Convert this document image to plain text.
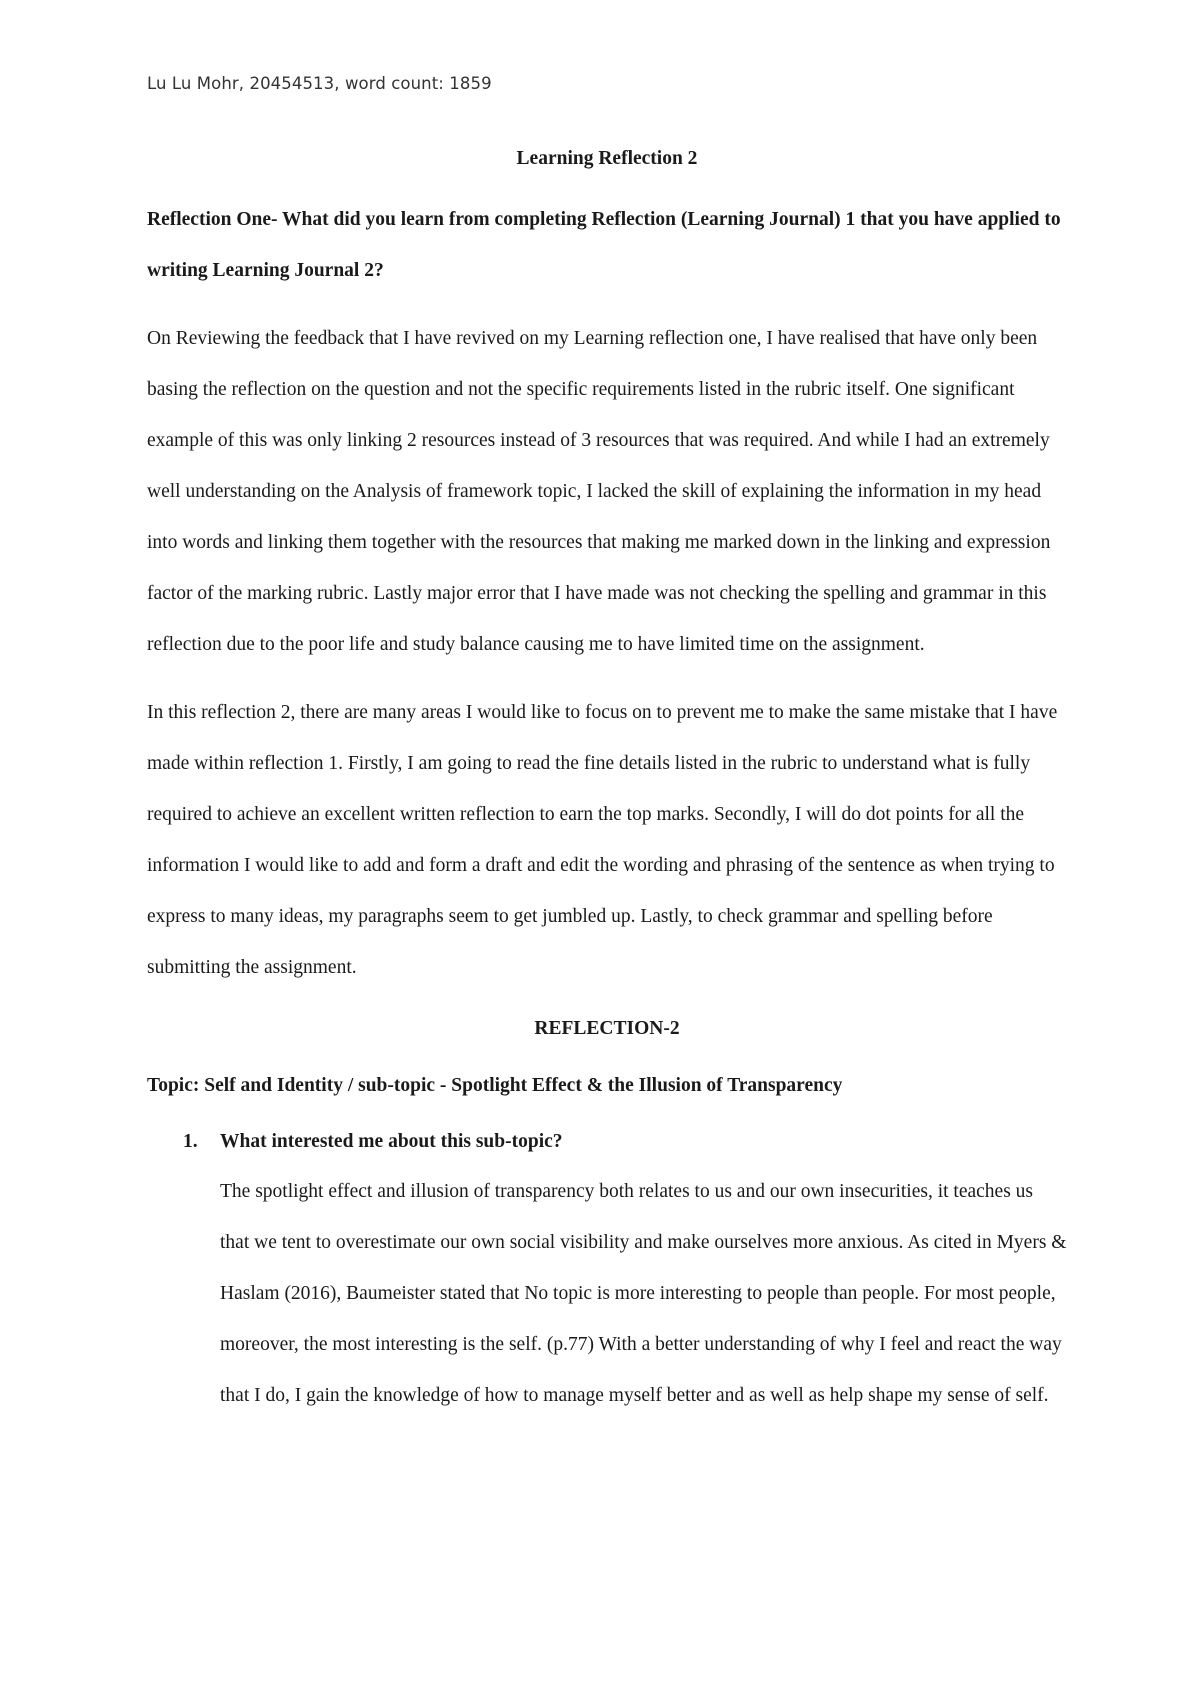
Lu Lu Mohr, 20454513, word count: 1859

Learning Reflection 2

Reflection One- What did you learn from completing Reflection (Learning Journal) 1 that you have applied to writing Learning Journal 2?

On Reviewing the feedback that I have revived on my Learning reflection one, I have realised that have only been basing the reflection on the question and not the specific requirements listed in the rubric itself. One significant example of this was only linking 2 resources instead of 3 resources that was required. And while I had an extremely well understanding on the Analysis of framework topic, I lacked the skill of explaining the information in my head into words and linking them together with the resources that making me marked down in the linking and expression factor of the marking rubric. Lastly major error that I have made was not checking the spelling and grammar in this reflection due to the poor life and study balance causing me to have limited time on the assignment.

In this reflection 2, there are many areas I would like to focus on to prevent me to make the same mistake that I have made within reflection 1. Firstly, I am going to read the fine details listed in the rubric to understand what is fully required to achieve an excellent written reflection to earn the top marks. Secondly, I will do dot points for all the information I would like to add and form a draft and edit the wording and phrasing of the sentence as when trying to express to many ideas, my paragraphs seem to get jumbled up. Lastly, to check grammar and spelling before submitting the assignment.

REFLECTION-2

Topic: Self and Identity / sub-topic - Spotlight Effect & the Illusion of Transparency

1. What interested me about this sub-topic?

The spotlight effect and illusion of transparency both relates to us and our own insecurities, it teaches us that we tent to overestimate our own social visibility and make ourselves more anxious. As cited in Myers & Haslam (2016), Baumeister stated that No topic is more interesting to people than people. For most people, moreover, the most interesting is the self. (p.77) With a better understanding of why I feel and react the way that I do, I gain the knowledge of how to manage myself better and as well as help shape my sense of self.
